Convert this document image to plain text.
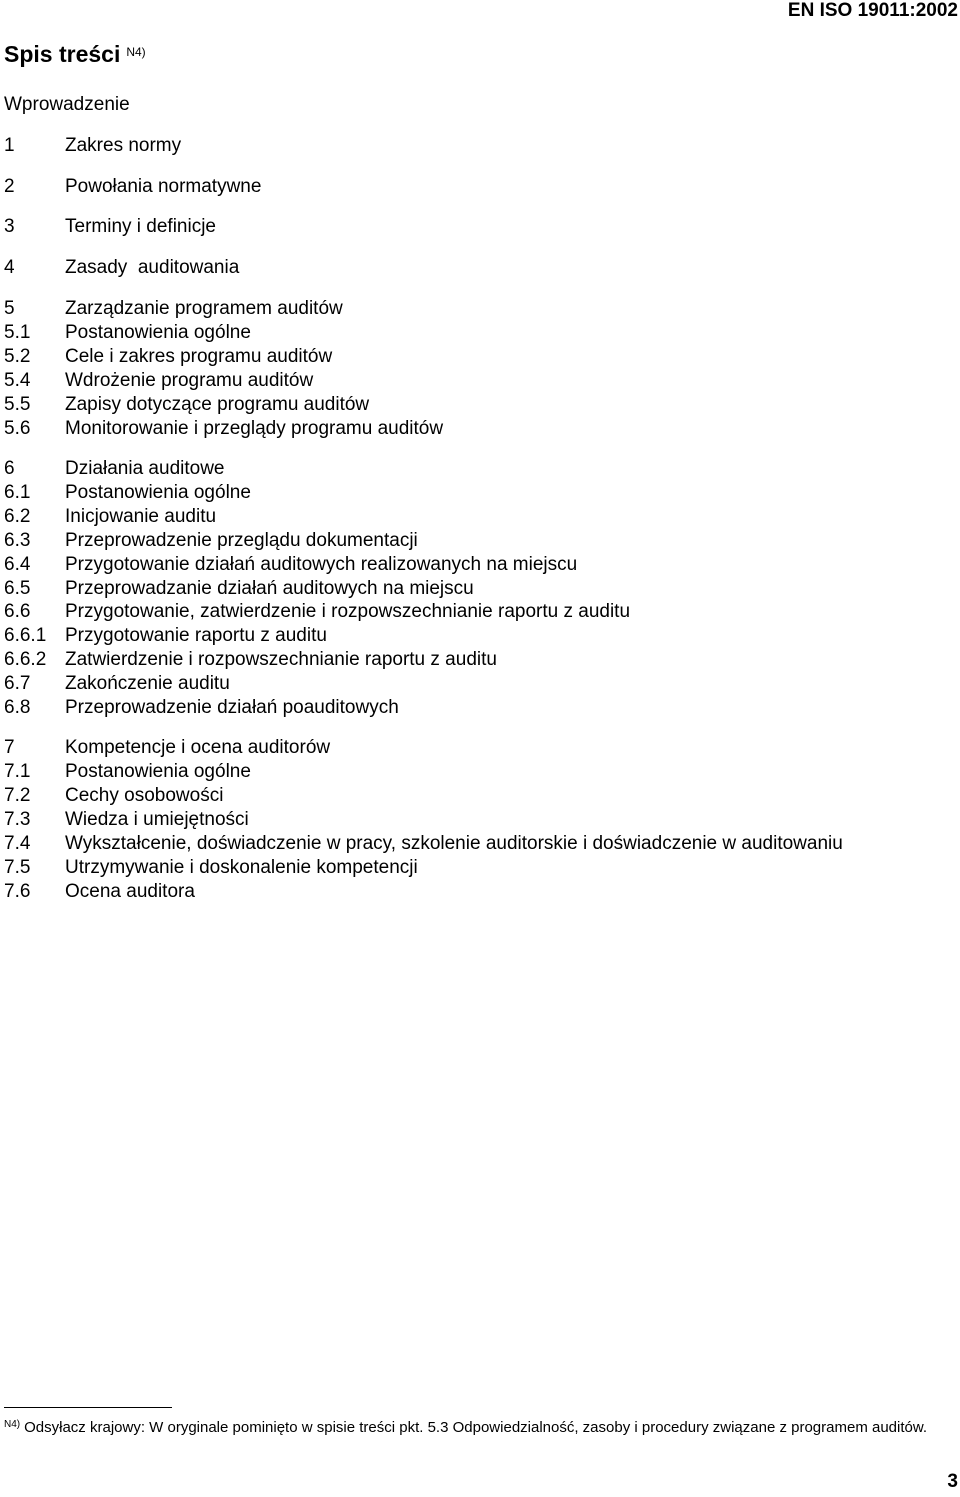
EN ISO 19011:2002
Spis treści $^{N4)}$
Wprowadzenie
1	Zakres normy
2	Powołania normatywne
3	Terminy i definicje
4	Zasady  auditowania
5	Zarządzanie programem auditów
5.1 Postanowienia ogólne
5.2 Cele i zakres programu auditów
5.4 Wdrożenie programu auditów
5.5 Zapisy dotyczące programu auditów
5.6 Monitorowanie i przeglądy programu auditów
6	Działania auditowe
6.1 Postanowienia ogólne
6.2 Inicjowanie auditu
6.3 Przeprowadzenie przeglądu dokumentacji
6.4 Przygotowanie działań auditowych realizowanych na miejscu
6.5 Przeprowadzanie działań auditowych na miejscu
6.6 Przygotowanie, zatwierdzenie i rozpowszechnianie raportu z auditu
6.6.1 Przygotowanie raportu z auditu
6.6.2 Zatwierdzenie i rozpowszechnianie raportu z auditu
6.7 Zakończenie auditu
6.8 Przeprowadzenie działań poauditowych
7	Kompetencje i ocena auditorów
7.1 Postanowienia ogólne
7.2 Cechy osobowości
7.3 Wiedza i umiejętności
7.4 Wykształcenie, doświadczenie w pracy, szkolenie auditorskie i doświadczenie w auditowaniu
7.5 Utrzymywanie i doskonalenie kompetencji
7.6 Ocena auditora
$^{N4)}$ Odsyłacz krajowy: W oryginale pominięto w spisie treści pkt. 5.3 Odpowiedzialność, zasoby i procedury związane z programem auditów.
3
